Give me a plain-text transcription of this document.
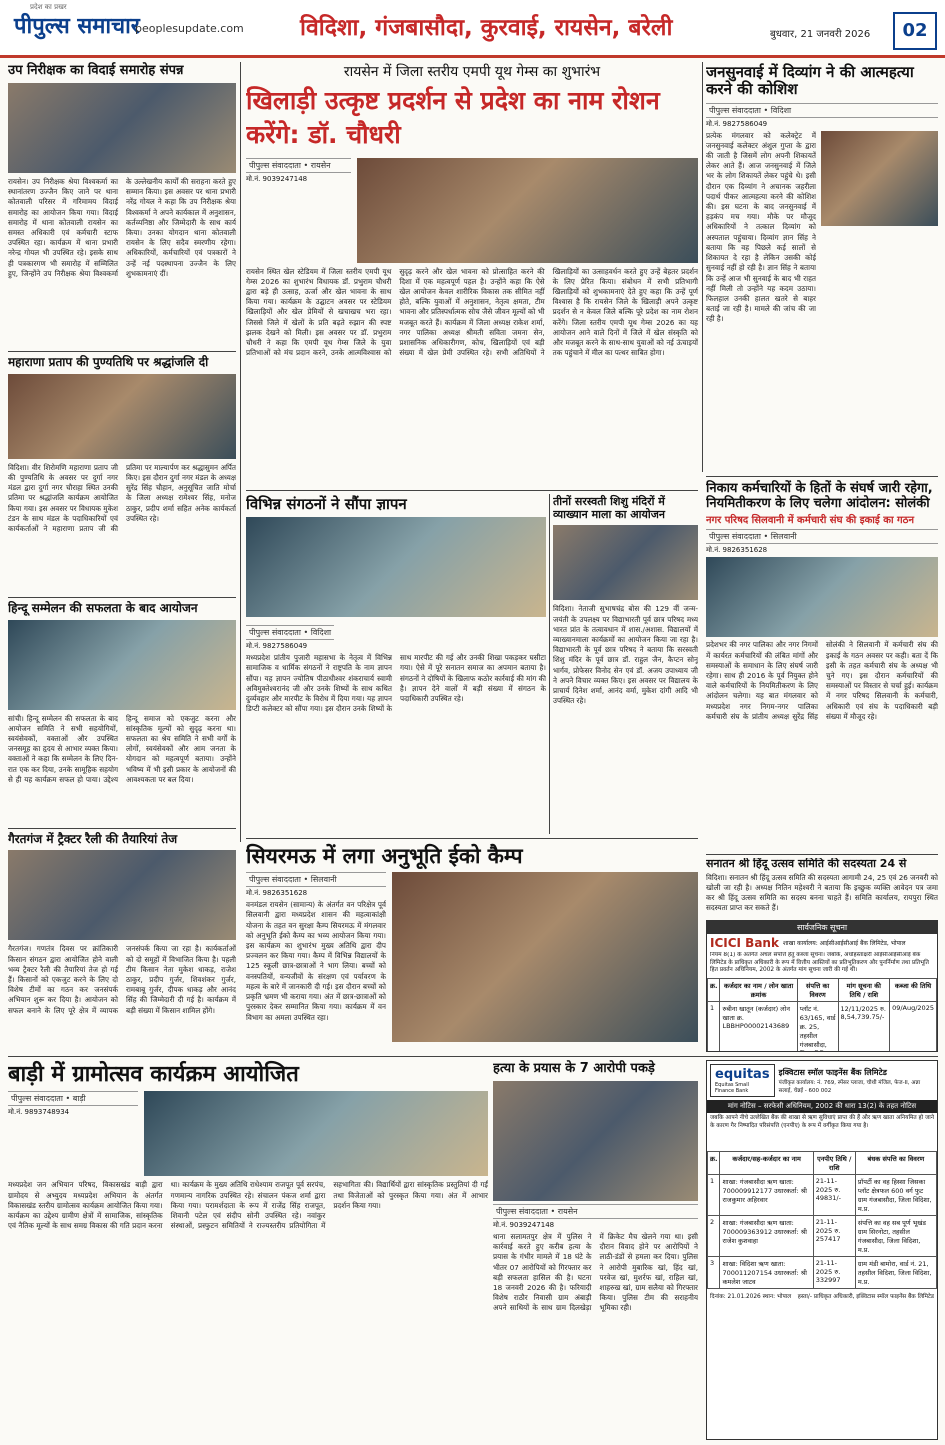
प्रदेश का प्रखर
पीपुल्स समाचार
peoplesupdate.com विदिशा, गंजबासौदा, कुरवाई, रायसेन, बरेली	बुधवार, 21 जनवरी 2026	02
उप निरीक्षक का विदाई समारोह संपन्न
रायसेन। उप निरीक्षक श्रेया विश्वकर्मा का स्थानांतरण उज्जैन किए जाने पर थाना कोतवाली परिसर में गरिमामय विदाई समारोह का आयोजन किया गया। विदाई समारोह में थाना कोतवाली रायसेन का समस्त अधिकारी एवं कर्मचारी स्टाफ उपस्थित रहा। कार्यक्रम में थाना प्रभारी नरेन्द्र गोयल भी उपस्थित रहे। इसके साथ ही पत्रकारगण भी समारोह में सम्मिलित हुए, जिन्होंने उप निरीक्षक श्रेया विश्वकर्मा के उल्लेखनीय कार्यों की सराहना करते हुए सम्मान किया। इस अवसर पर थाना प्रभारी नरेंद्र गोयल ने कहा कि उप निरीक्षक श्रेया विश्वकर्मा ने अपने कार्यकाल में अनुशासन, कर्तव्यनिष्ठा और जिम्मेदारी के साथ कार्य किया। उनका योगदान थाना कोतवाली रायसेन के लिए सदैव स्मरणीय रहेगा। अधिकारियों, कर्मचारियों एवं पत्रकारों ने उन्हें नई पदस्थापना उज्जैन के लिए शुभकामनाएं दीं।
महाराणा प्रताप की पुण्यतिथि पर श्रद्धांजलि दी
विदिशा। वीर शिरोमणि महाराणा प्रताप जी की पुण्यतिथि के अवसर पर दुर्गा नगर मंडल द्वारा दुर्गा नगर चौराहा स्थित उनकी प्रतिमा पर श्रद्धांजलि कार्यक्रम आयोजित किया गया। इस अवसर पर विधायक मुकेश टंडन के साथ मंडल के पदाधिकारियों एवं कार्यकर्ताओं ने महाराणा प्रताप जी की प्रतिमा पर माल्यार्पण कर श्रद्धासुमन अर्पित किए। इस दौरान दुर्गा नगर मंडल के अध्यक्ष सुरेंद्र सिंह चौहान, अनुसूचित जाति मोर्चा के जिला अध्यक्ष रामेश्वर सिंह, मनोज ठाकुर, प्रदीप शर्मा सहित अनेक कार्यकर्ता उपस्थित रहे।
हिन्दू सम्मेलन की सफलता के बाद आयोजन
सांची। हिन्दू सम्मेलन की सफलता के बाद आयोजन समिति ने सभी सहयोगियों, स्वयंसेवकों, वक्ताओं और उपस्थित जनसमूह का हृदय से आभार व्यक्त किया। वक्ताओं ने कहा कि सम्मेलन के लिए दिन-रात एक कर दिया, उनके सामूहिक सहयोग से ही यह कार्यक्रम सफल हो पाया। उद्देश्य हिन्दू समाज को एकजुट करना और सांस्कृतिक मूल्यों को सुदृढ़ करना था। सफलता का श्रेय समिति ने सभी वर्गों के लोगों, स्वयंसेवकों और आम जनता के योगदान को महत्वपूर्ण बताया। उन्होंने भविष्य में भी इसी प्रकार के आयोजनों की आवश्यकता पर बल दिया।
गैरतगंज में ट्रैक्टर रैली की तैयारियां तेज
गैरतगंज। गणतंत्र दिवस पर क्रांतिकारी किसान संगठन द्वारा आयोजित होने वाली भव्य ट्रैक्टर रैली की तैयारियां तेज हो गई हैं। किसानों को एकजुट करने के लिए दो विशेष टीमों का गठन कर जनसंपर्क अभियान शुरू कर दिया है। आयोजन को सफल बनाने के लिए पूरे क्षेत्र में व्यापक जनसंपर्क किया जा रहा है। कार्यकर्ताओं को दो समूहों में विभाजित किया है। पहली टीम किसान नेता मुकेश धाकड़, राजेश ठाकुर, प्रदीप गुर्जर, शिवशंकर गुर्जर, रामबाबू गुर्जर, दीपक धाकड़ और आनंद सिंह की जिम्मेदारी दी गई है। कार्यक्रम में बड़ी संख्या में किसान शामिल होंगे।
रायसेन में जिला स्तरीय एमपी यूथ गेम्स का शुभारंभ
खिलाड़ी उत्कृष्ट प्रदर्शन से प्रदेश का नाम रोशन करेंगे: डॉ. चौधरी
पीपुल्स संवाददाता • रायसेन
मो.नं. 9039247148
रायसेन स्थित खेल स्टेडियम में जिला स्तरीय एमपी यूथ गेम्स 2026 का शुभारंभ विधायक डॉ. प्रभुराम चौधरी द्वारा बड़े ही उत्साह, ऊर्जा और खेल भावना के साथ किया गया। कार्यक्रम के उद्घाटन अवसर पर स्टेडियम खिलाड़ियों और खेल प्रेमियों से खचाखच भरा रहा। जिससे जिले में खेलों के प्रति बढ़ते रुझान की स्पष्ट झलक देखने को मिली। इस अवसर पर डॉ. प्रभुराम चौधरी ने कहा कि एमपी यूथ गेम्स जिले के युवा प्रतिभाओं को मंच प्रदान करने, उनके आत्मविश्वास को सुदृढ़ करने और खेल भावना को प्रोत्साहित करने की दिशा में एक महत्वपूर्ण पहल है। उन्होंने कहा कि ऐसे खेल आयोजन केवल शारीरिक विकास तक सीमित नहीं होते, बल्कि युवाओं में अनुशासन, नेतृत्व क्षमता, टीम भावना और प्रतिस्पर्धात्मक सोच जैसे जीवन मूल्यों को भी मजबूत करते हैं। कार्यक्रम में जिला अध्यक्ष राकेश शर्मा, नगर पालिका अध्यक्ष श्रीमती सविता जमना सेन, प्रशासनिक अधिकारीगण, कोच, खिलाड़ियों एवं बड़ी संख्या में खेल प्रेमी उपस्थित रहे। सभी अतिथियों ने खिलाड़ियों का उत्साहवर्धन करते हुए उन्हें बेहतर प्रदर्शन के लिए प्रेरित किया। संबोधन में सभी प्रतिभागी खिलाड़ियों को शुभकामनाएं देते हुए कहा कि उन्हें पूर्ण विश्वास है कि रायसेन जिले के खिलाड़ी अपने उत्कृष्ट प्रदर्शन से न केवल जिले बल्कि पूरे प्रदेश का नाम रोशन करेंगे। जिला स्तरीय एमपी यूथ गेम्स 2026 का यह आयोजन आने वाले दिनों में जिले में खेल संस्कृति को और मजबूत करने के साथ-साथ युवाओं को नई ऊंचाइयों तक पहुंचाने में मील का पत्थर साबित होगा।
विभिन्न संगठनों ने सौंपा ज्ञापन
पीपुल्स संवाददाता • विदिशा
मो.नं. 9827586049
मध्यप्रदेश प्रांतीय पुजारी महासभा के नेतृत्व में विभिन्न सामाजिक व धार्मिक संगठनों ने राष्ट्रपति के नाम ज्ञापन सौंपा। यह ज्ञापन ज्योतिष पीठाधीश्वर शंकराचार्य स्वामी अविमुक्तेश्वरानंद जी और उनके शिष्यों के साथ कथित दुर्व्यवहार और मारपीट के विरोध में दिया गया। यह ज्ञापन डिप्टी कलेक्टर को सौंपा गया। इस दौरान उनके शिष्यों के साथ मारपीट की गई और उनकी शिखा पकड़कर घसीटा गया। ऐसे में पूरे सनातन समाज का अपमान बताया है। संगठनों ने दोषियों के खिलाफ कठोर कार्रवाई की मांग की है। ज्ञापन देने वालों में बड़ी संख्या में संगठन के पदाधिकारी उपस्थित रहे।
तीनों सरस्वती शिशु मंदिरों में व्याख्यान माला का आयोजन
विदिशा। नेताजी सुभाषचंद्र बोस की 129 वीं जन्म-जयंती के उपलक्ष्य पर विद्याभारती पूर्व छात्र परिषद मध्य भारत प्रांत के तत्वावधान में शास./अशास. विद्यालयों में व्याख्यानमाला कार्यक्रमों का आयोजन किया जा रहा है। विद्याभारती के पूर्व छात्र परिषद ने बताया कि सरस्वती शिशु मंदिर के पूर्व छात्र डॉ. राहुल जैन, कैप्टन सोनू भार्गव, प्रोफेसर विनोद सेन एवं डॉ. अजय उपाध्याय जी ने अपने विचार व्यक्त किए। इस अवसर पर विद्यालय के प्राचार्य दिनेश शर्मा, आनंद वर्मा, मुकेश दांगी आदि भी उपस्थित रहे।
सियरमऊ में लगा अनुभूति ईको कैम्प
पीपुल्स संवाददाता • सिलवानी
मो.नं. 9826351628
वनमंडल रायसेन (सामान्य) के अंतर्गत वन परिक्षेत्र पूर्व सिलवानी द्वारा मध्यप्रदेश शासन की महत्वाकांक्षी योजना के तहत वन सुरक्षा कैम्प सियरमऊ में मंगलवार को अनुभूति ईको कैम्प का भव्य आयोजन किया गया। इस कार्यक्रम का शुभारंभ मुख्य अतिथि द्वारा दीप प्रज्वलन कर किया गया। कैम्प में विभिन्न विद्यालयों के 125 स्कूली छात्र-छात्राओं ने भाग लिया। बच्चों को वनस्पतियों, वन्यजीवों के संरक्षण एवं पर्यावरण के महत्व के बारे में जानकारी दी गई। इस दौरान बच्चों को प्रकृति भ्रमण भी कराया गया। अंत में छात्र-छात्राओं को पुरस्कार देकर सम्मानित किया गया। कार्यक्रम में वन विभाग का अमला उपस्थित रहा।
बाड़ी में ग्रामोत्सव कार्यक्रम आयोजित
पीपुल्स संवाददाता • बाड़ी
मो.नं. 9893748934
मध्यप्रदेश जन अभियान परिषद, विकासखंड बाड़ी द्वारा ग्रामोदय से अभ्युदय मध्यप्रदेश अभियान के अंतर्गत विकासखंड स्तरीय ग्रामोत्सव कार्यक्रम आयोजित किया गया। कार्यक्रम का उद्देश्य ग्रामीण क्षेत्रों में सामाजिक, सांस्कृतिक एवं नैतिक मूल्यों के साथ समग्र विकास की गति प्रदान करना था। कार्यक्रम के मुख्य अतिथि राधेश्याम राजपूत पूर्व सरपंच, गणमान्य नागरिक उपस्थित रहे। संचालन पंकज शर्मा द्वारा किया गया। परामर्शदाता के रूप में राजेंद्र सिंह राजपूत, शिवानी पटेल एवं संदीप सोनी उपस्थित रहे। नवांकुर संस्थाओं, प्रस्फुटन समितियों ने राज्यस्तरीय प्रतियोगिता में सहभागिता की। विद्यार्थियों द्वारा सांस्कृतिक प्रस्तुतियां दी गईं तथा विजेताओं को पुरस्कृत किया गया। अंत में आभार प्रदर्शन किया गया।
हत्या के प्रयास के 7 आरोपी पकड़े
पीपुल्स संवाददाता • रायसेन
मो.नं. 9039247148
थाना सलामतपुर क्षेत्र में पुलिस ने कार्रवाई करते हुए करीब हत्या के प्रयास के गंभीर मामले में 18 घंटे के भीतर 07 आरोपियों को गिरफ्तार कर बड़ी सफलता हासिल की है। घटना 18 जनवरी 2026 की है। फरियादी विशेष राठौर निवासी ग्राम अंबाड़ी अपने साथियों के साथ ग्राम दिलखेड़ा में क्रिकेट मैच खेलने गया था। इसी दौरान विवाद होने पर आरोपियों ने लाठी-डंडों से हमला कर दिया। पुलिस ने आरोपी मुबारिक खां, हिंद खां, परवेज खां, मुशर्रफ खां, राहिल खां, शाहरुख खां, ग्राम सलैया को गिरफ्तार किया। पुलिस टीम की सराहनीय भूमिका रही।
जनसुनवाई में दिव्यांग ने की आत्महत्या करने की कोशिश
पीपुल्स संवाददाता • विदिशा
मो.नं. 9827586049
प्रत्येक मंगलवार को कलेक्ट्रेट में जनसुनवाई कलेक्टर अंशुल गुप्ता के द्वारा की जाती है जिसमें लोग अपनी शिकायतें लेकर आते हैं। आज जनसुनवाई में जिले भर के लोग शिकायतें लेकर पहुंचे थे। इसी दौरान एक दिव्यांग ने अचानक जहरीला पदार्थ पीकर आत्महत्या करने की कोशिश की। इस घटना के बाद जनसुनवाई में हड़कंप मच गया। मौके पर मौजूद अधिकारियों ने तत्काल दिव्यांग को अस्पताल पहुंचाया। दिव्यांग ज्ञान सिंह ने बताया कि वह पिछले कई सालों से शिकायत दे रहा है लेकिन उसकी कोई सुनवाई नहीं हो रही है। ज्ञान सिंह ने बताया कि उन्हें आज भी सुनवाई के बाद भी राहत नहीं मिली तो उन्होंने यह कदम उठाया। फिलहाल उनकी हालत खतरे से बाहर बताई जा रही है। मामले की जांच की जा रही है।
निकाय कर्मचारियों के हितों के संघर्ष जारी रहेगा, नियमितीकरण के लिए चलेगा आंदोलन: सोलंकी
नगर परिषद सिलवानी में कर्मचारी संघ की इकाई का गठन
पीपुल्स संवाददाता • सिलवानी
मो.नं. 9826351628
प्रदेशभर की नगर पालिका और नगर निगमों में कार्यरत कर्मचारियों की लंबित मांगों और समस्याओं के समाधान के लिए संघर्ष जारी रहेगा। साथ ही 2016 के पूर्व नियुक्त होने वाले कर्मचारियों के नियमितीकरण के लिए आंदोलन चलेगा। यह बात मंगलवार को मध्यप्रदेश नगर निगम-नगर पालिका कर्मचारी संघ के प्रांतीय अध्यक्ष सुरेंद्र सिंह सोलंकी ने सिलवानी में कर्मचारी संघ की इकाई के गठन अवसर पर कही। बता दें कि इसी के तहत कर्मचारी संघ के अध्यक्ष भी चुने गए। इस दौरान कर्मचारियों की समस्याओं पर विस्तार से चर्चा हुई। कार्यक्रम में नगर परिषद सिलवानी के कर्मचारी, अधिकारी एवं संघ के पदाधिकारी बड़ी संख्या में मौजूद रहे।
सनातन श्री हिंदू उत्सव समिति की सदस्यता 24 से
विदिशा। सनातन श्री हिंदू उत्सव समिति की सदस्यता आगामी 24, 25 एवं 26 जनवरी को खोली जा रही है। अध्यक्ष नितिन महेश्वरी ने बताया कि इच्छुक व्यक्ति आवेदन पत्र जमा कर श्री हिंदू उत्सव समिति का सदस्य बनना चाहते हैं। समिति कार्यालय, रायपुरा स्थित सदस्यता प्राप्त कर सकते हैं।
सार्वजनिक सूचना
ICICI Bank शाखा कार्यालय: आईसीआईसीआई बैंक लिमिटेड, भोपाल
नियम 8(1) के अंतर्गत अचल संपत्ति हेतु कब्जा सूचना। जबकि, अधोहस्ताक्षरी आईसीआईसीआई बैंक लिमिटेड के प्राधिकृत अधिकारी के रूप में वित्तीय आस्तियों का प्रतिभूतिकरण और पुनर्निर्माण तथा प्रतिभूति हित प्रवर्तन अधिनियम, 2002 के अंतर्गत मांग सूचना जारी की गई थी।
क्र.	कर्जदार का नाम / लोन खाता क्रमांक	संपत्ति का विवरण	मांग सूचना की तिथि / राशि	कब्जा की तिथि
1	रुबीना खातून (कर्जदार) लोन खाता क्र. LBBHP00002143689	प्लॉट नं. 63/165, वार्ड क्र. 25, तहसील गंजबासौदा,	12/11/2025 रु. 8,54,739.75/-	09/Aug/2025
equitas
Equitas Small Finance Bank
इक्विटास स्मॉल फाइनेंस बैंक लिमिटेड
पंजीकृत कार्यालय: नं. 769, स्पेंसर प्लाजा, चौथी मंजिल, फेज-II, अन्ना सलाई, चेन्नई - 600 002
मांग नोटिस – सरफेसी अधिनियम, 2002 की धारा 13(2) के तहत नोटिस
जबकि आपने नीचे उल्लेखित बैंक की शाखा से ऋण सुविधाएं प्राप्त की हैं और ऋण खाता अनियमित हो जाने के कारण गैर निष्पादित परिसंपत्ति (एनपीए) के रूप में वर्गीकृत किया गया है।
क्र.	कर्जदार/सह-कर्जदार का नाम	एनपीए तिथि / राशि	बंधक संपत्ति का विवरण
1	शाखा: गंजबासौदा ऋण खाता: 700009912177 उधारकर्ता: श्री राजकुमार अहिरवार	21-11-2025 रु. 49831/-	प्रॉपर्टी का वह हिस्सा जिसका प्लॉट क्षेत्रफल 600 वर्ग फुट ग्राम गंजबासौदा, जिला विदिशा, म.प्र.
2	शाखा: गंजबासौदा ऋण खाता: 700009363912 उधारकर्ता: श्री राजेश कुशवाहा	21-11-2025 रु. 257417	संपत्ति का वह सब पूर्ण भूखंड ग्राम सिरनोटा, तहसील गंजबासौदा, जिला विदिशा, म.प्र.
3	शाखा: विदिशा ऋण खाता: 700011207154 उधारकर्ता: श्री कमलेश जाटव	21-11-2025 रु. 332997	ग्राम मंडी बामोरा, वार्ड नं. 21, तहसील विदिशा, जिला विदिशा, म.प्र.
दिनांक: 21.01.2026 स्थान: भोपाल हस्ता/- प्राधिकृत अधिकारी, इक्विटास स्मॉल फाइनेंस बैंक लिमिटेड
